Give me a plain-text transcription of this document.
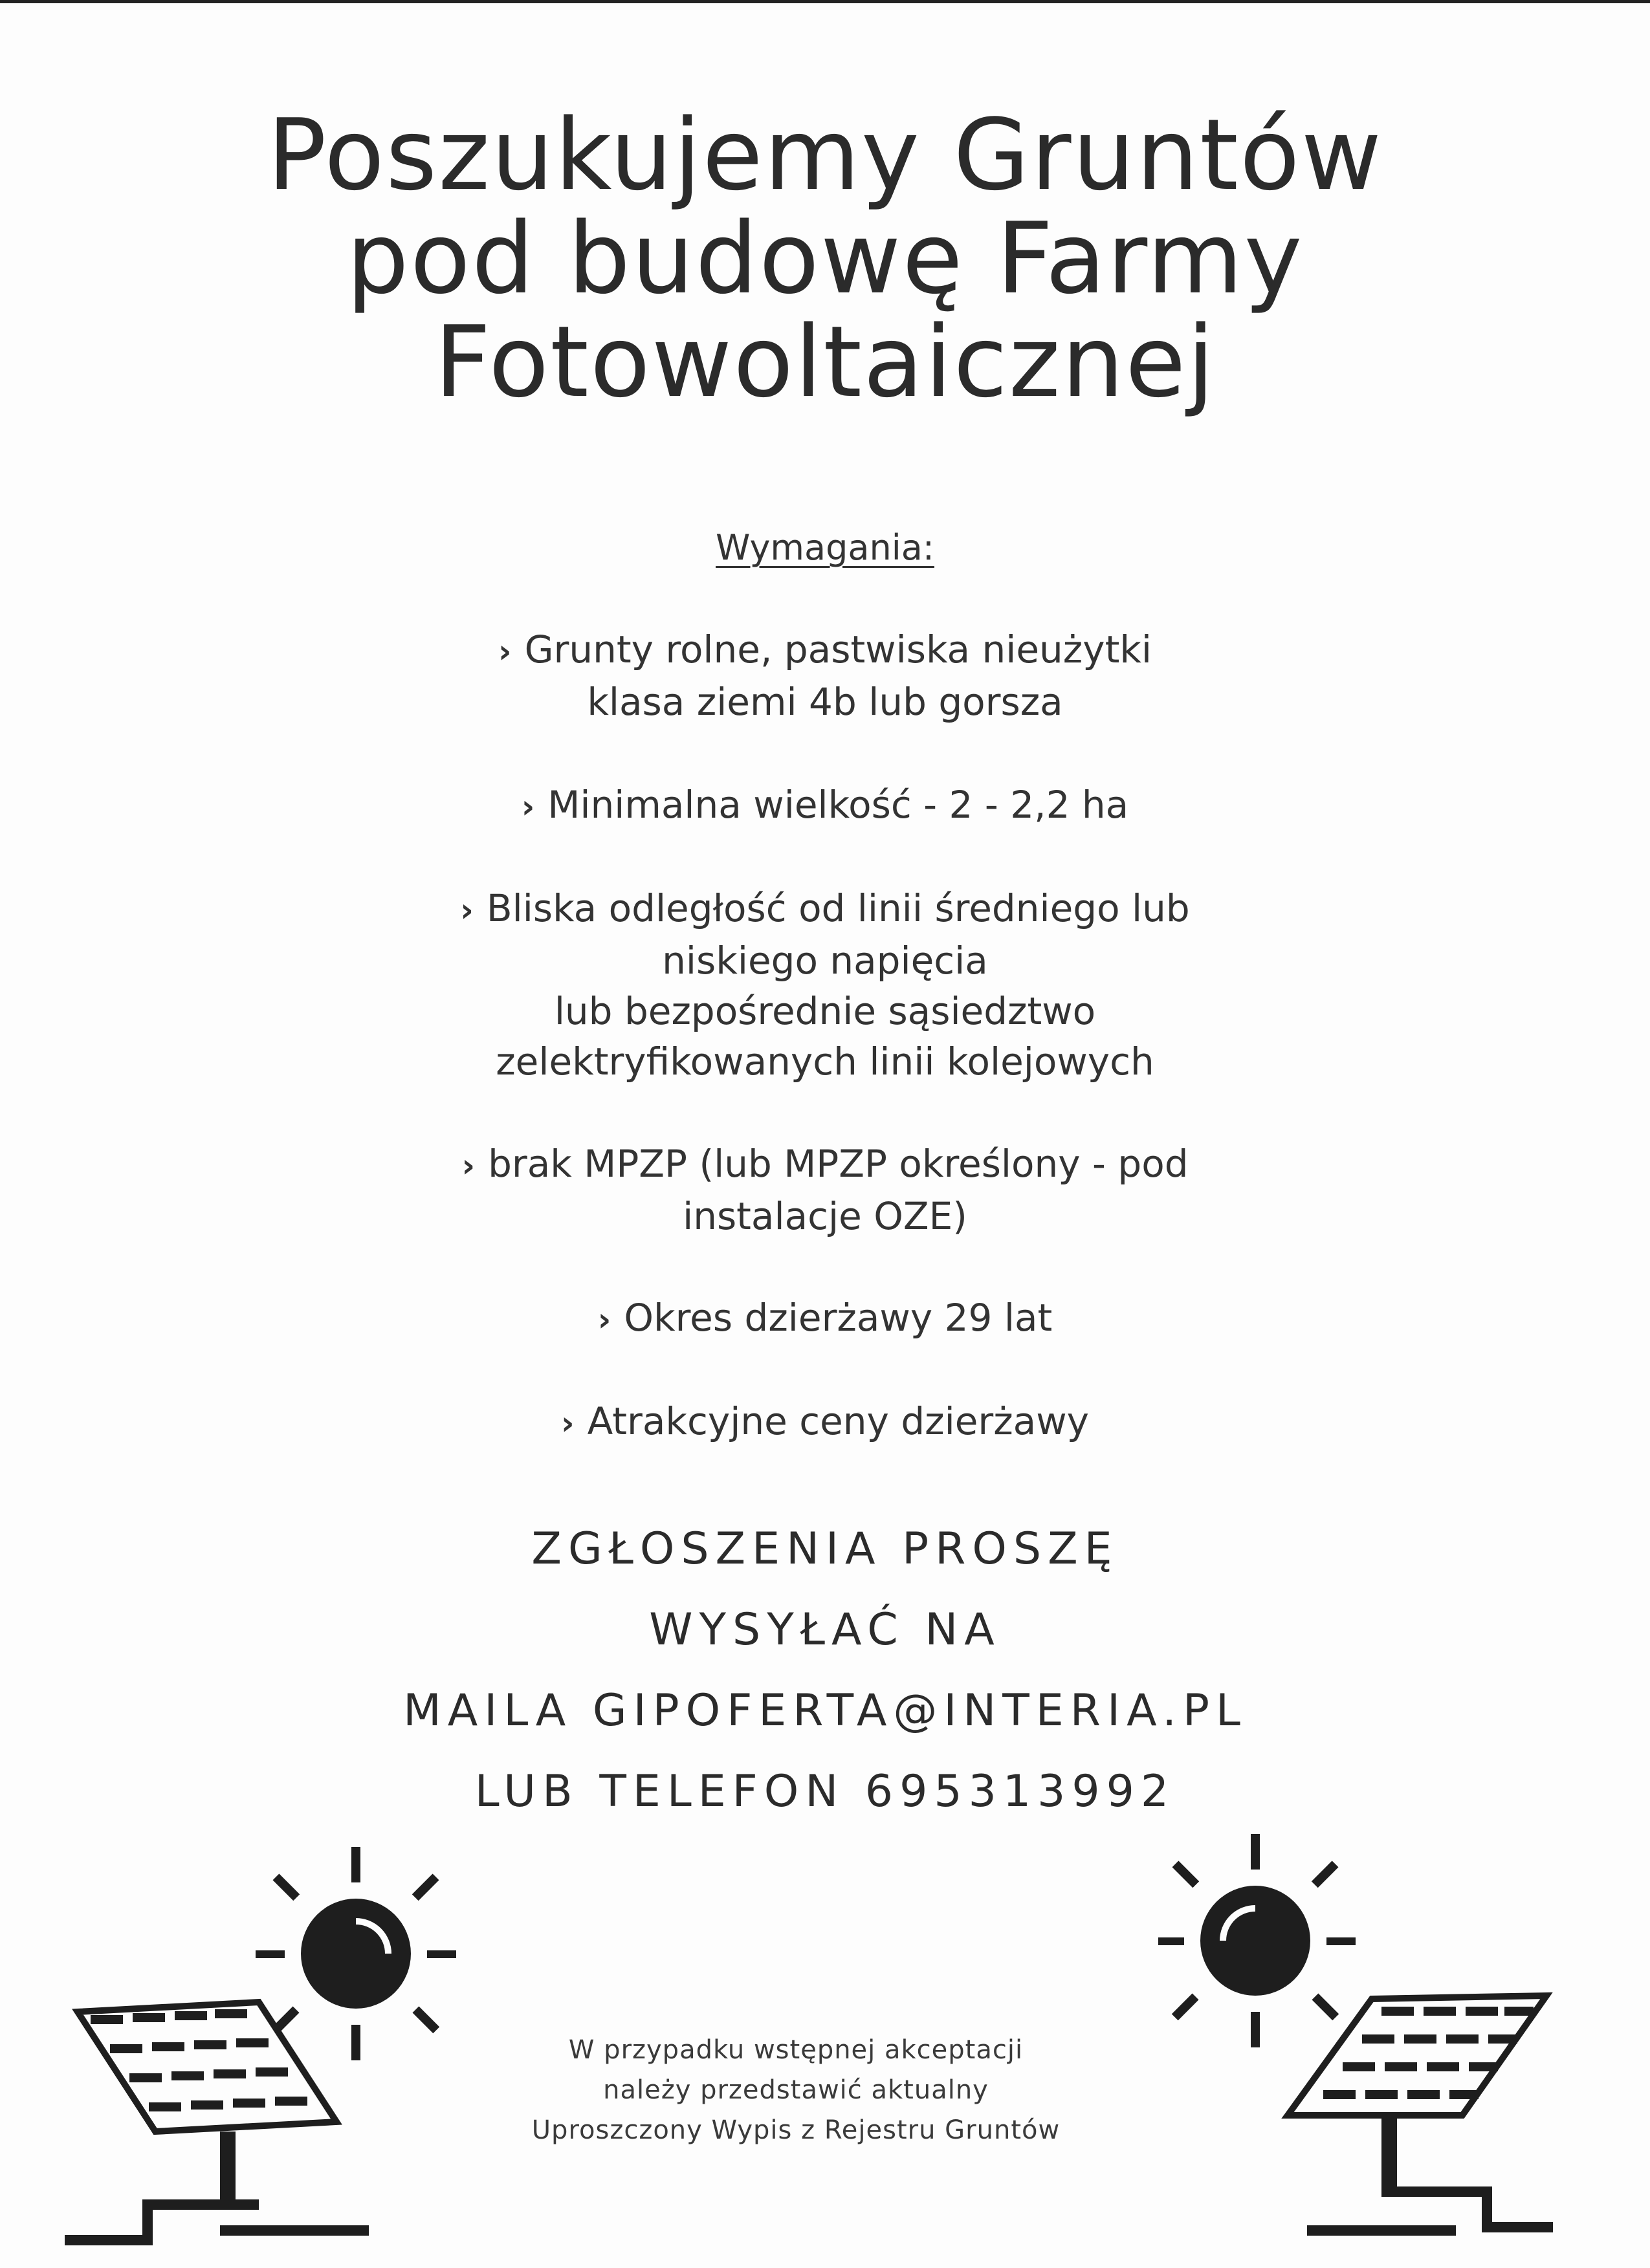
Poszukujemy Gruntów
pod budowę Farmy
Fotowoltaicznej
Wymagania:
› Grunty rolne, pastwiska nieużytki
klasa ziemi 4b lub gorsza
› Minimalna wielkość - 2 - 2,2 ha
› Bliska odległość od linii średniego lub
niskiego napięcia
lub bezpośrednie sąsiedztwo
zelektryfikowanych linii kolejowych
› brak MPZP (lub MPZP określony - pod
instalacje OZE)
› Okres dzierżawy 29 lat
› Atrakcyjne ceny dzierżawy
ZGŁOSZENIA PROSZĘ
WYSYŁAĆ NA
MAILA GIPOFERTA@INTERIA.PL
LUB TELEFON 695313992
W przypadku wstępnej akceptacji
należy przedstawić aktualny
Uproszczony Wypis z Rejestru Gruntów
